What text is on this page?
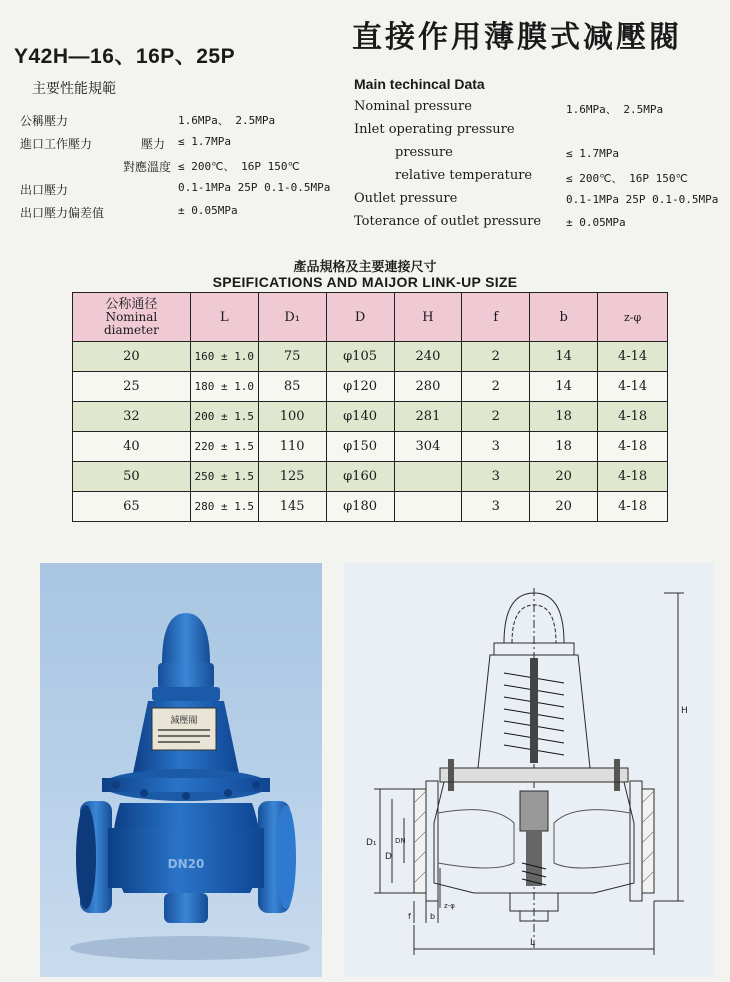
直接作用薄膜式减壓閥
Y42H—16、16P、25P
主要性能規範	Main techincal Data
公稱壓力	1.6MPa、 2.5MPa
進口工作壓力	壓力 ≤ 1.7MPa
對應溫度 ≤ 200℃、 16P 150℃
出口壓力	0.1-1MPa 25P 0.1-0.5MPa
出口壓力偏差值	± 0.05MPa
Nominal pressure	1.6MPa、 2.5MPa
Inlet operating pressure
pressure	≤ 1.7MPa
relative temperature	≤ 200℃、 16P 150℃
Outlet pressure	0.1-1MPa 25P 0.1-0.5MPa
Toterance of outlet pressure ± 0.05MPa
產品規格及主要連接尺寸
SPEIFICATIONS AND MAIJOR LINK-UP SIZE
公称通径
Nominal
diameter	L	D₁	D	H	f	b	z-φ
20	160 ± 1.0	75	φ105	240	2	14	4-14
25	180 ± 1.0	85	φ120	280	2	14	4-14
32	200 ± 1.5	100	φ140	281	2	18	4-18
40	220 ± 1.5	110	φ150	304	3	18	4-18
50	250 ± 1.5	125	φ160		3	20	4-18
65	280 ± 1.5	145	φ180		3	20	4-18
減壓閥
DN20
H
D₁
D
DN
z-φ
f b
L
